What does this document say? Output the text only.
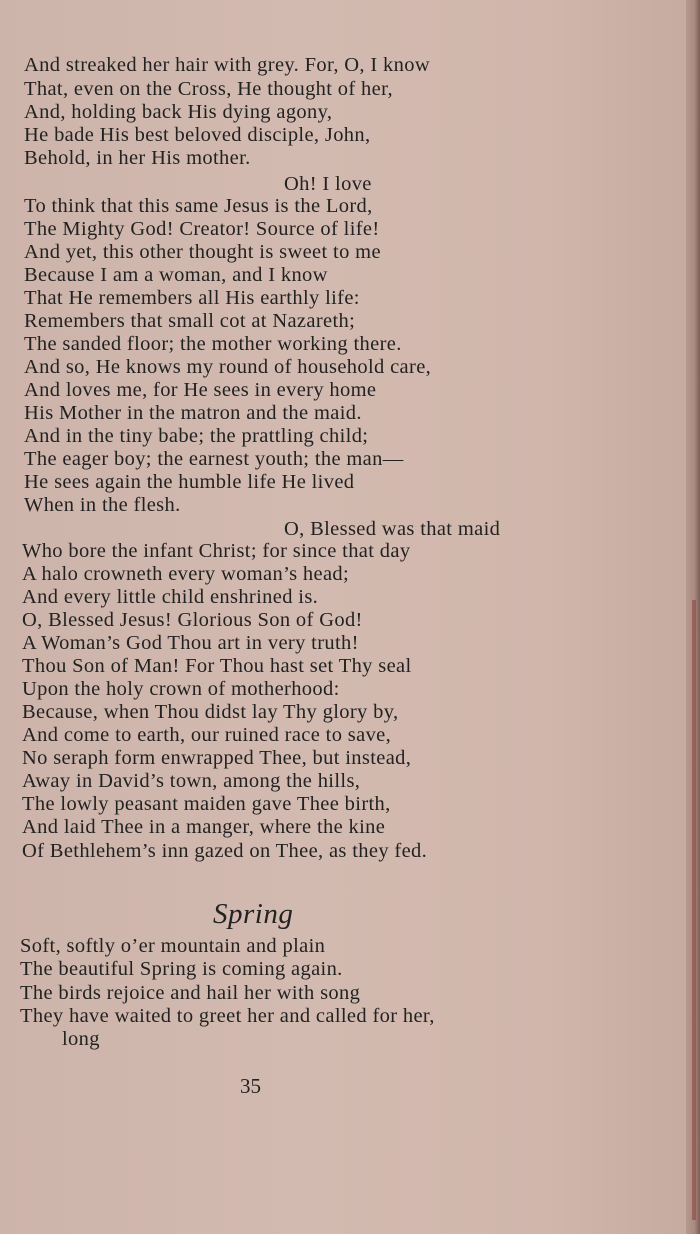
And streaked her hair with grey. For, O, I know
That, even on the Cross, He thought of her,
And, holding back His dying agony,
He bade His best beloved disciple, John,
Behold, in her His mother.
Oh! I love
To think that this same Jesus is the Lord,
The Mighty God! Creator! Source of life!
And yet, this other thought is sweet to me
Because I am a woman, and I know
That He remembers all His earthly life:
Remembers that small cot at Nazareth;
The sanded floor; the mother working there.
And so, He knows my round of household care,
And loves me, for He sees in every home
His Mother in the matron and the maid.
And in the tiny babe; the prattling child;
The eager boy; the earnest youth; the man—
He sees again the humble life He lived
When in the flesh.
O, Blessed was that maid
Who bore the infant Christ; for since that day
A halo crowneth every woman’s head;
And every little child enshrined is.
O, Blessed Jesus! Glorious Son of God!
A Woman’s God Thou art in very truth!
Thou Son of Man! For Thou hast set Thy seal
Upon the holy crown of motherhood:
Because, when Thou didst lay Thy glory by,
And come to earth, our ruined race to save,
No seraph form enwrapped Thee, but instead,
Away in David’s town, among the hills,
The lowly peasant maiden gave Thee birth,
And laid Thee in a manger, where the kine
Of Bethlehem’s inn gazed on Thee, as they fed.
Spring
Soft, softly o’er mountain and plain
The beautiful Spring is coming again.
The birds rejoice and hail her with song
They have waited to greet her and called for her,
long
35
